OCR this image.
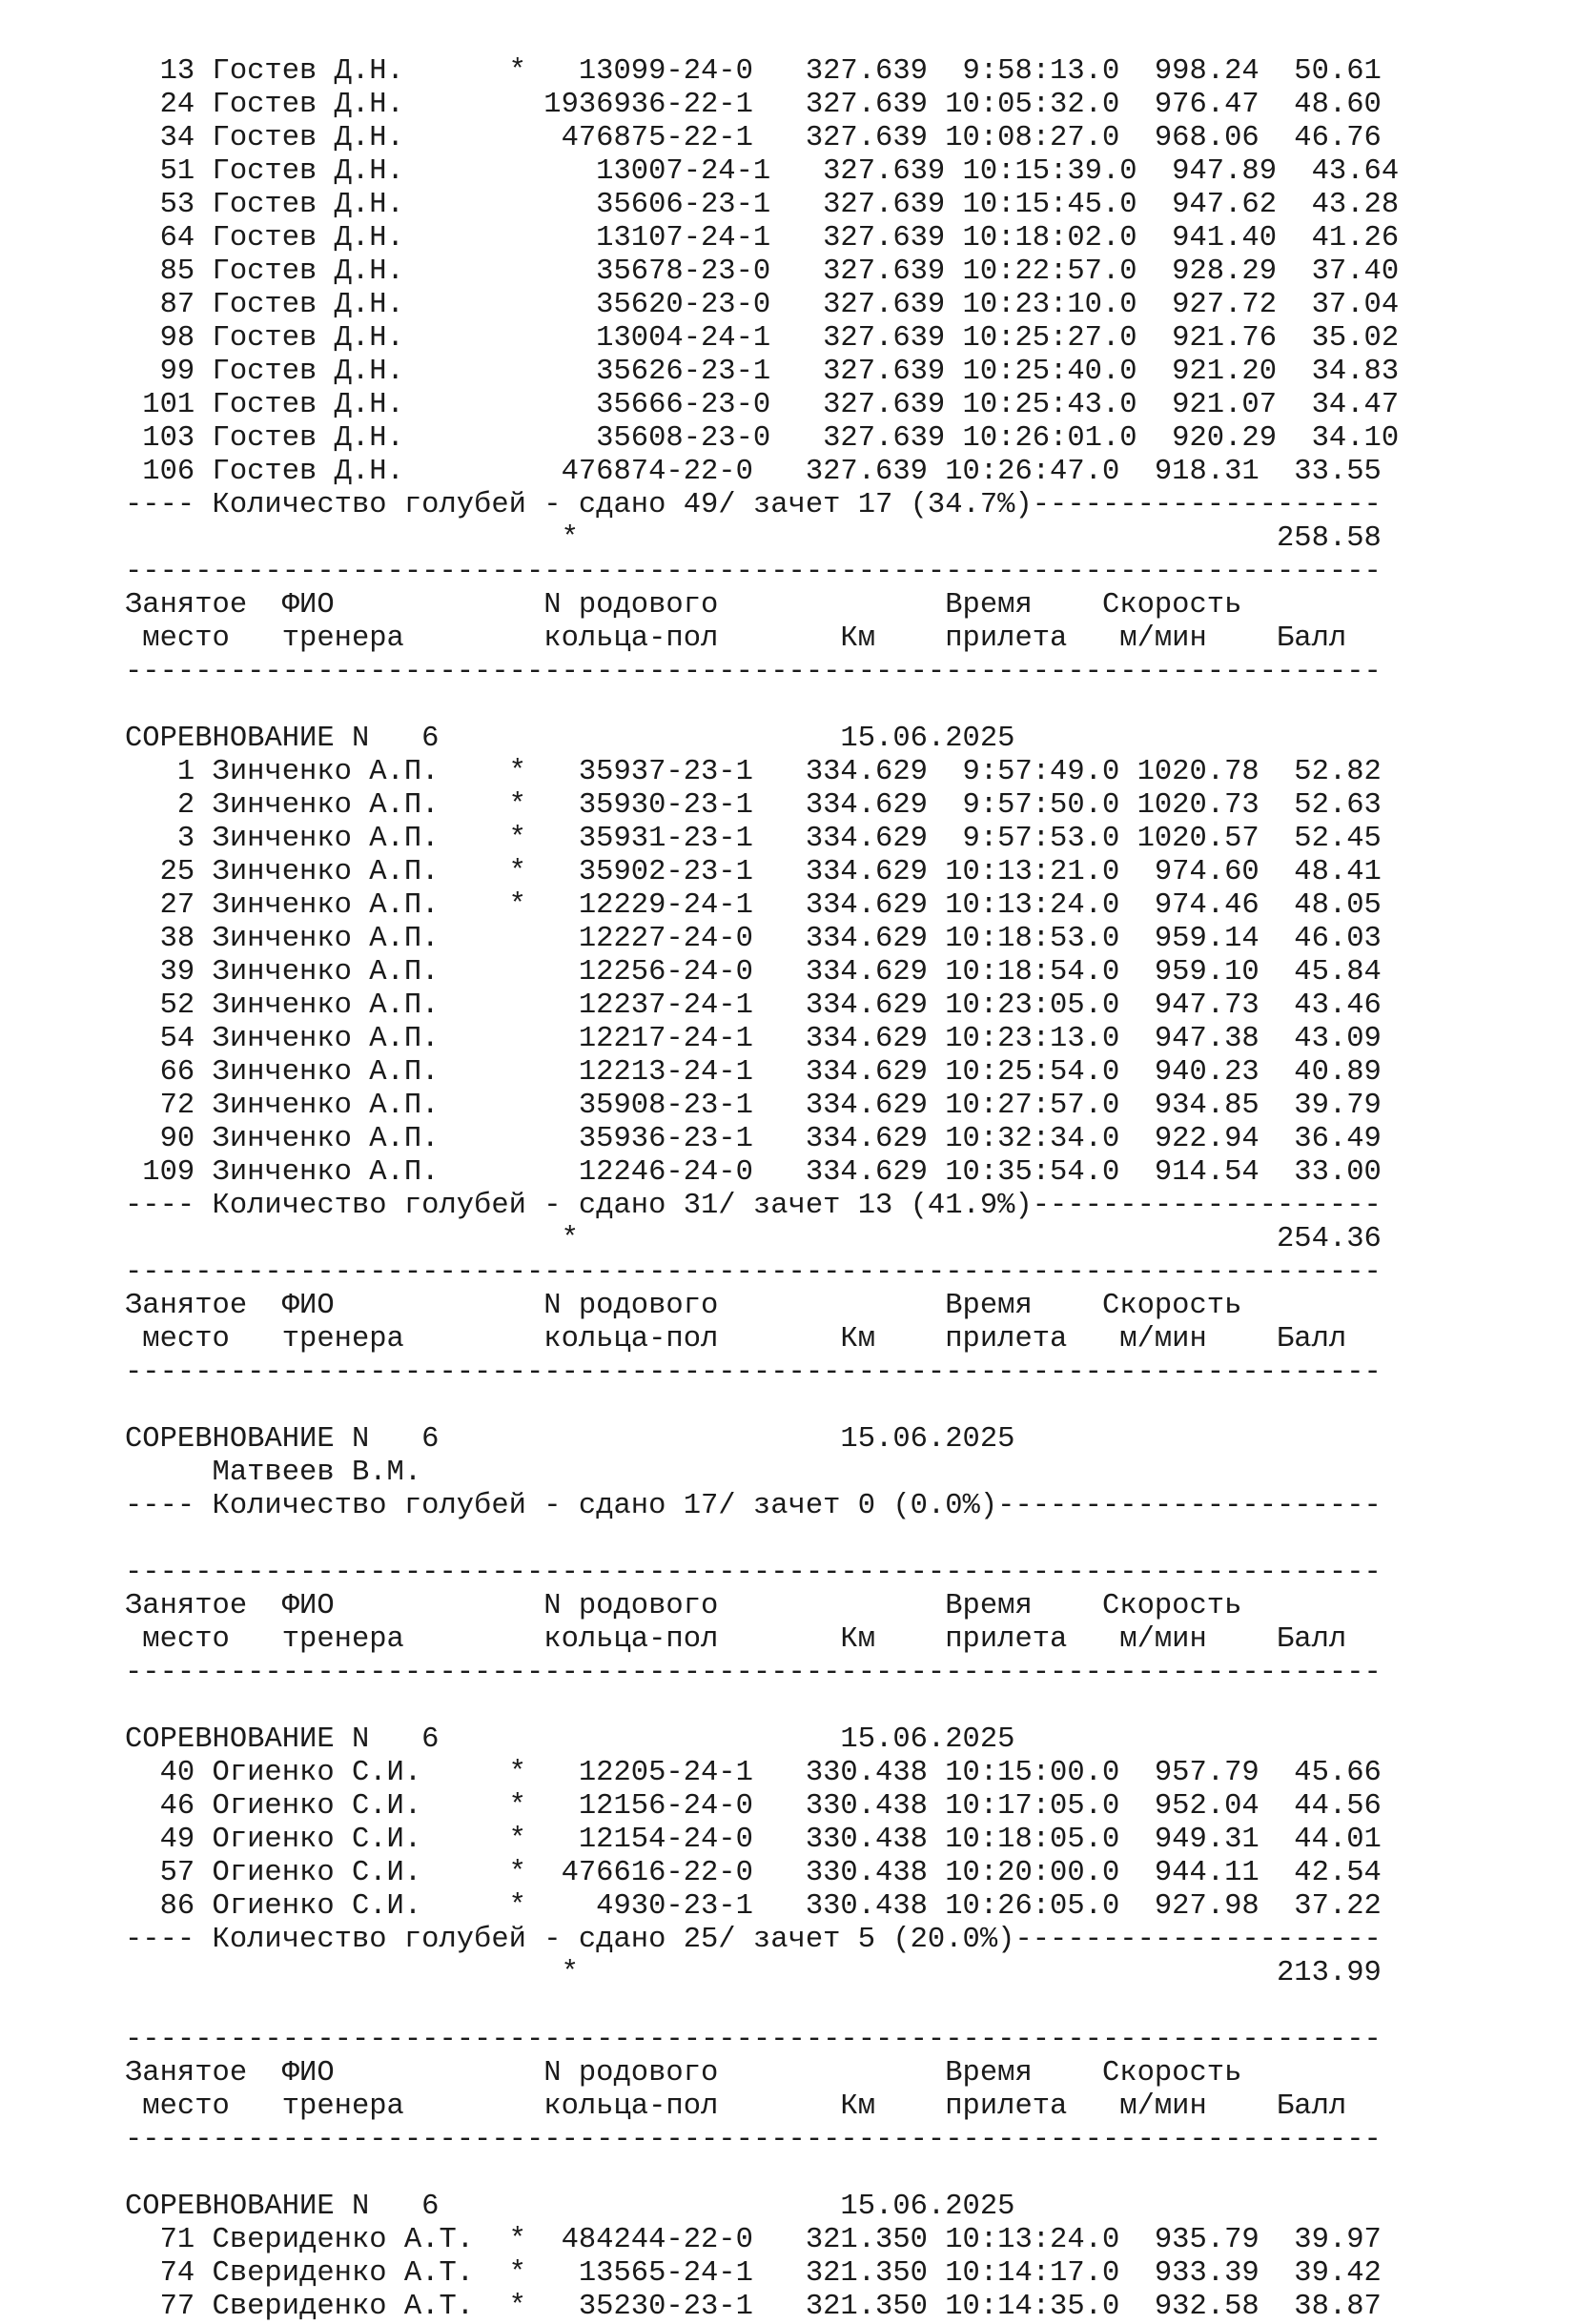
13 Гостев Д.Н.      *   13099-24-0   327.639  9:58:13.0  998.24  50.61
24 Гостев Д.Н.        1936936-22-1   327.639 10:05:32.0  976.47  48.60
34 Гостев Д.Н.         476875-22-1   327.639 10:08:27.0  968.06  46.76
51 Гостев Д.Н.           13007-24-1   327.639 10:15:39.0  947.89  43.64
53 Гостев Д.Н.           35606-23-1   327.639 10:15:45.0  947.62  43.28
64 Гостев Д.Н.           13107-24-1   327.639 10:18:02.0  941.40  41.26
85 Гостев Д.Н.           35678-23-0   327.639 10:22:57.0  928.29  37.40
87 Гостев Д.Н.           35620-23-0   327.639 10:23:10.0  927.72  37.04
98 Гостев Д.Н.           13004-24-1   327.639 10:25:27.0  921.76  35.02
99 Гостев Д.Н.           35626-23-1   327.639 10:25:40.0  921.20  34.83
101 Гостев Д.Н.           35666-23-0   327.639 10:25:43.0  921.07  34.47
103 Гостев Д.Н.           35608-23-0   327.639 10:26:01.0  920.29  34.10
106 Гостев Д.Н.         476874-22-0   327.639 10:26:47.0  918.31  33.55
---- Количество голубей - сдано 49/ зачет 17 (34.7%)--------------------
*                                        258.58
------------------------------------------------------------------------
Занятое  ФИО            N родового             Время    Скорость
место   тренера        кольца-пол       Км    прилета   м/мин    Балл
------------------------------------------------------------------------
СОРЕВНОВАНИЕ N   6                       15.06.2025
1 Зинченко А.П.    *   35937-23-1   334.629  9:57:49.0 1020.78  52.82
2 Зинченко А.П.    *   35930-23-1   334.629  9:57:50.0 1020.73  52.63
3 Зинченко А.П.    *   35931-23-1   334.629  9:57:53.0 1020.57  52.45
25 Зинченко А.П.    *   35902-23-1   334.629 10:13:21.0  974.60  48.41
27 Зинченко А.П.    *   12229-24-1   334.629 10:13:24.0  974.46  48.05
38 Зинченко А.П.        12227-24-0   334.629 10:18:53.0  959.14  46.03
39 Зинченко А.П.        12256-24-0   334.629 10:18:54.0  959.10  45.84
52 Зинченко А.П.        12237-24-1   334.629 10:23:05.0  947.73  43.46
54 Зинченко А.П.        12217-24-1   334.629 10:23:13.0  947.38  43.09
66 Зинченко А.П.        12213-24-1   334.629 10:25:54.0  940.23  40.89
72 Зинченко А.П.        35908-23-1   334.629 10:27:57.0  934.85  39.79
90 Зинченко А.П.        35936-23-1   334.629 10:32:34.0  922.94  36.49
109 Зинченко А.П.        12246-24-0   334.629 10:35:54.0  914.54  33.00
---- Количество голубей - сдано 31/ зачет 13 (41.9%)--------------------
*                                        254.36
------------------------------------------------------------------------
Занятое  ФИО            N родового             Время    Скорость
место   тренера        кольца-пол       Км    прилета   м/мин    Балл
------------------------------------------------------------------------
СОРЕВНОВАНИЕ N   6                       15.06.2025
Матвеев В.М.
---- Количество голубей - сдано 17/ зачет 0 (0.0%)----------------------
------------------------------------------------------------------------
Занятое  ФИО            N родового             Время    Скорость
место   тренера        кольца-пол       Км    прилета   м/мин    Балл
------------------------------------------------------------------------
СОРЕВНОВАНИЕ N   6                       15.06.2025
40 Огиенко С.И.     *   12205-24-1   330.438 10:15:00.0  957.79  45.66
46 Огиенко С.И.     *   12156-24-0   330.438 10:17:05.0  952.04  44.56
49 Огиенко С.И.     *   12154-24-0   330.438 10:18:05.0  949.31  44.01
57 Огиенко С.И.     *  476616-22-0   330.438 10:20:00.0  944.11  42.54
86 Огиенко С.И.     *    4930-23-1   330.438 10:26:05.0  927.98  37.22
---- Количество голубей - сдано 25/ зачет 5 (20.0%)---------------------
*                                        213.99
------------------------------------------------------------------------
Занятое  ФИО            N родового             Время    Скорость
место   тренера        кольца-пол       Км    прилета   м/мин    Балл
------------------------------------------------------------------------
СОРЕВНОВАНИЕ N   6                       15.06.2025
71 Свериденко А.Т.  *  484244-22-0   321.350 10:13:24.0  935.79  39.97
74 Свериденко А.Т.  *   13565-24-1   321.350 10:14:17.0  933.39  39.42
77 Свериденко А.Т.  *   35230-23-1   321.350 10:14:35.0  932.58  38.87
